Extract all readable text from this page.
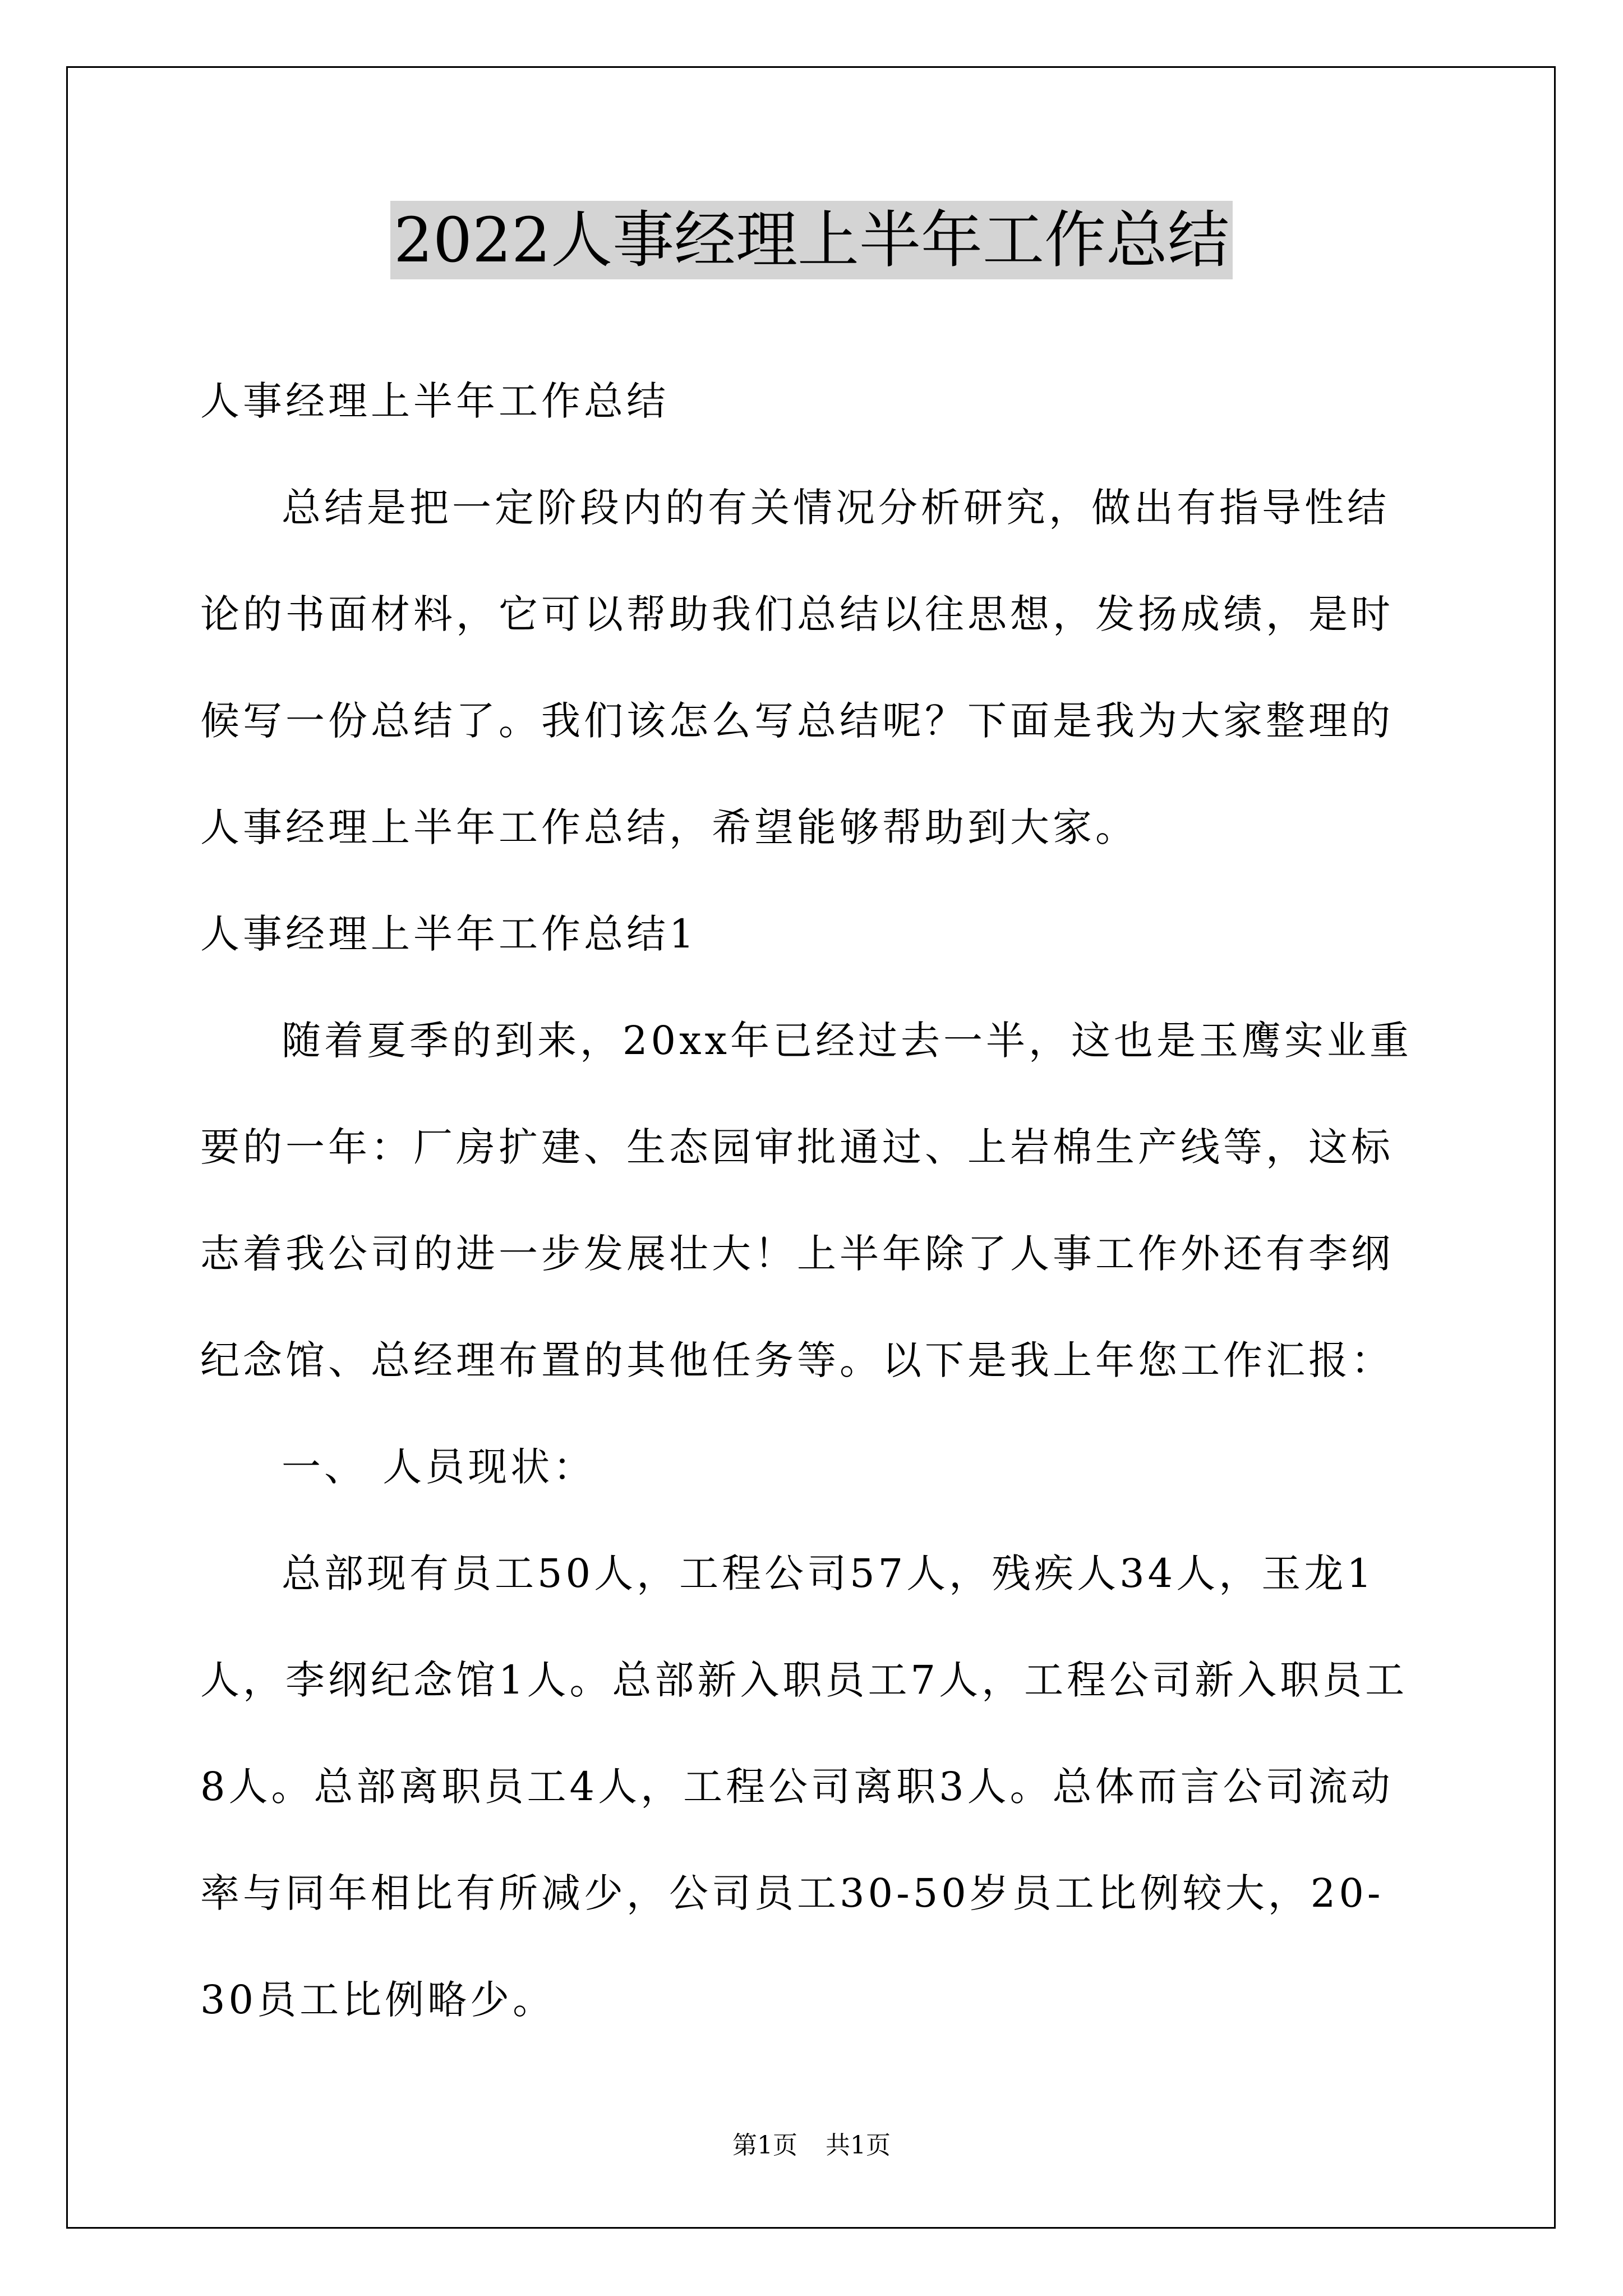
2022人事经理上半年工作总结

人事经理上半年工作总结

总结是把一定阶段内的有关情况分析研究，做出有指导性结论的书面材料，它可以帮助我们总结以往思想，发扬成绩，是时候写一份总结了。我们该怎么写总结呢？下面是我为大家整理的人事经理上半年工作总结，希望能够帮助到大家。

人事经理上半年工作总结1

随着夏季的到来，20xx年已经过去一半，这也是玉鹰实业重要的一年：厂房扩建、生态园审批通过、上岩棉生产线等，这标志着我公司的进一步发展壮大！上半年除了人事工作外还有李纲纪念馆、总经理布置的其他任务等。以下是我上年您工作汇报：

一、 人员现状：

总部现有员工50人，工程公司57人，残疾人34人，玉龙1人，李纲纪念馆1人。总部新入职员工7人，工程公司新入职员工8人。总部离职员工4人，工程公司离职3人。总体而言公司流动率与同年相比有所减少，公司员工30-50岁员工比例较大，20-30员工比例略少。

第1页 共1页
